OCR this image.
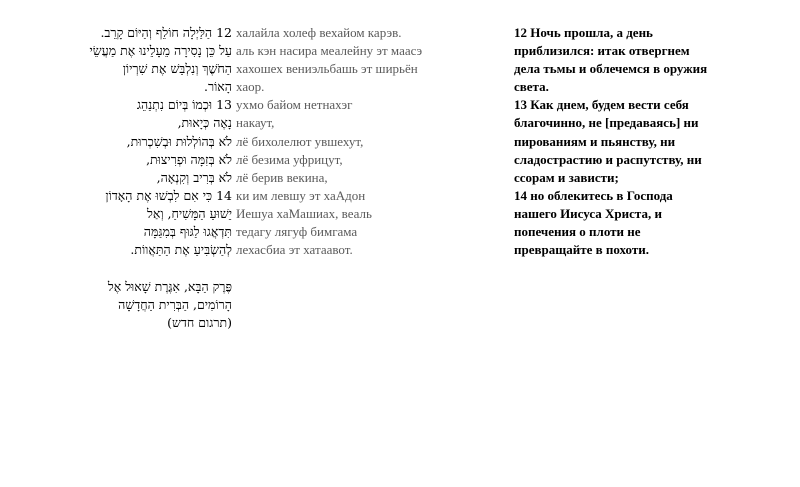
12 הַלַּיְלָה חוֹלֵף וְהַיּוֹם קָרֵב.
עַל כֵּן נָסִירָה מֵעָלֵינוּ אֶת מַעֲשֵׂי
הַחֹשֶׁךְ וְנִלְבַּשׁ אֶת שִׁרְיוֹן
הָאוֹר.
13 וּכְמוֹ בְּיוֹם נִתְנַהֵג
נָאֶה כְּיָאוּת,
לֹא בְּהוֹלְלוּת וּבְשִׁכְרוּת,
לֹא בְּזִמָּה וּפְרִיצוּת,
לֹא בְּרִיב וְקִנְאָה,
14 כִּי אִם לִבְשׁוּ אֶת הָאָדוֹן
יֵשׁוּעַ הַמָּשִׁיחַ, וְאַל
תִּדְאֲגוּ לַגּוּף בְּמִגַּמָּה
לְהַשְׂבִּיעַ אֶת הַתַּאֲווֹת.
халайла холеф вехайом карэв.
аль кэн насира меалейну эт маасэ
хахошех вениэльбашь эт ширьён
хаор.
ухмо байом нетнахэг
накаут,
лё бихолелют увшехут,
лё безима уфрицут,
лё берив векина,
ки им левшу эт хаАдон
Иешуа хаМашиах, веаль
тедагу лягуф бимгама
лехасбиа эт хатаавот.
12 Ночь прошла, а день
приблизился: итак отвергнем
дела тьмы и облечемся в оружия
света.
13 Как днем, будем вести себя
благочинно, не [предаваясь] ни
пированиям и пьянству, ни
сладострастию и распутству, ни
ссорам и зависти;
14 но облекитесь в Господа
нашего Иисуса Христа, и
попечения о плоти не
превращайте в похоти.
פֶּרֶק הַבָּא, אִגֶּרֶת שָׁאוּל אֶל
הָרוֹמִים, הַבְּרִית הַחֲדָשָׁה
(תרגום חדש)
